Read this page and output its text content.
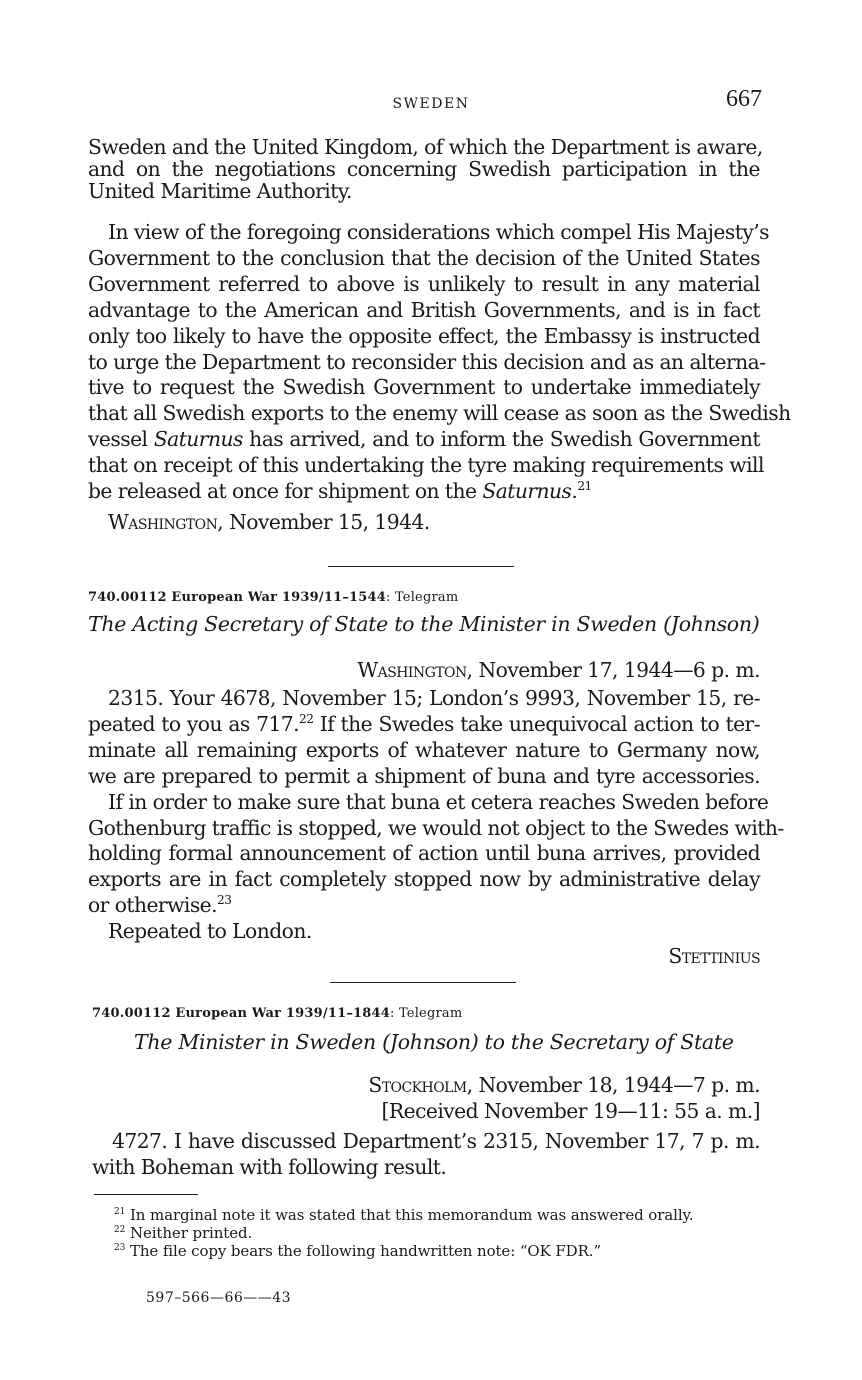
SWEDEN	667

Sweden and the United Kingdom, of which the Department is aware,

and on the negotiations concerning Swedish participation in the

United Maritime Authority.

In view of the foregoing considerations which compel His Majesty’s

Government to the conclusion that the decision of the United States

Government referred to above is unlikely to result in any material

advantage to the American and British Governments, and is in fact

only too likely to have the opposite effect, the Embassy is instructed

to urge the Department to reconsider this decision and as an alterna-

tive to request the Swedish Government to undertake immediately

that all Swedish exports to the enemy will cease as soon as the Swedish

vessel Saturnus has arrived, and to inform the Swedish Government

that on receipt of this undertaking the tyre making requirements will

be released at once for shipment on the Saturnus.$^{21}$

Washington, November 15, 1944.

740.00112 European War 1939/11–1544: Telegram
The Acting Secretary of State to the Minister in Sweden (Johnson)

Washington, November 17, 1944—6 p. m.

2315. Your 4678, November 15; London’s 9993, November 15, re-

peated to you as 717.22 If the Swedes take unequivocal action to ter-

minate all remaining exports of whatever nature to Germany now,

we are prepared to permit a shipment of buna and tyre accessories.

If in order to make sure that buna et cetera reaches Sweden before

Gothenburg traffic is stopped, we would not object to the Swedes with-

holding formal announcement of action until buna arrives, provided

exports are in fact completely stopped now by administrative delay

or otherwise.$^{23}$

Repeated to London.

Stettinius

740.00112 European War 1939/11–1844: Telegram
The Minister in Sweden (Johnson) to the Secretary of State

Stockholm, November 18, 1944—7 p. m.

[Received November 19—11: 55 a. m.]

4727. I have discussed Department’s 2315, November 17, 7 p. m.

with Boheman with following result.

$^{21}$ In marginal note it was stated that this memorandum was answered orally.
$^{22}$ Neither printed.
$^{23}$ The file copy bears the following handwritten note: “OK FDR.”
597–566—66——43
